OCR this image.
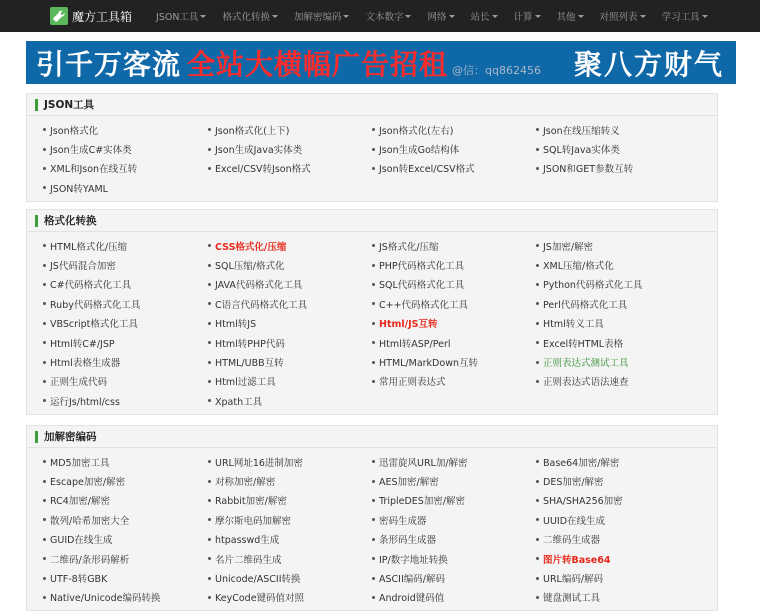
魔方工具箱	JSON工具	格式化转换	加解密编码	文本数字	网络	站长	计算	其他	对照列表	学习工具
引千万客流 全站大横幅广告招租 @信：qq862456 聚八方财气
JSON工具
Json格式化	Json格式化(上下)	Json格式化(左右)	Json在线压缩转义
Json生成C#实体类	Json生成Java实体类	Json生成Go结构体	SQL转Java实体类
XML和Json在线互转	Excel/CSV转Json格式	Json转Excel/CSV格式	JSON和GET参数互转
JSON转YAML
格式化转换
HTML格式化/压缩	CSS格式化/压缩	JS格式化/压缩	JS加密/解密
JS代码混合加密	SQL压缩/格式化	PHP代码格式化工具	XML压缩/格式化
C#代码格式化工具	JAVA代码格式化工具	SQL代码格式化工具	Python代码格式化工具
Ruby代码格式化工具	C语言代码格式化工具	C++代码格式化工具	Perl代码格式化工具
VBScript格式化工具	Html转JS	Html/JS互转	Html转义工具
Html转C#/JSP	Html转PHP代码	Html转ASP/Perl	Excel转HTML表格
Html表格生成器	HTML/UBB互转	HTML/MarkDown互转	正则表达式测试工具
正则生成代码	Html过滤工具	常用正则表达式	正则表达式语法速查
运行Js/html/css	Xpath工具
加解密编码
MD5加密工具	URL网址16进制加密	迅雷旋风URL加/解密	Base64加密/解密
Escape加密/解密	对称加密/解密	AES加密/解密	DES加密/解密
RC4加密/解密	Rabbit加密/解密	TripleDES加密/解密	SHA/SHA256加密
散列/哈希加密大全	摩尔斯电码加解密	密码生成器	UUID在线生成
GUID在线生成	htpasswd生成	条形码生成器	二维码生成器
二维码/条形码解析	名片二维码生成	IP/数字地址转换	图片转Base64
UTF-8转GBK	Unicode/ASCII转换	ASCII编码/解码	URL编码/解码
Native/Unicode编码转换	KeyCode键码值对照	Android键码值	键盘测试工具
